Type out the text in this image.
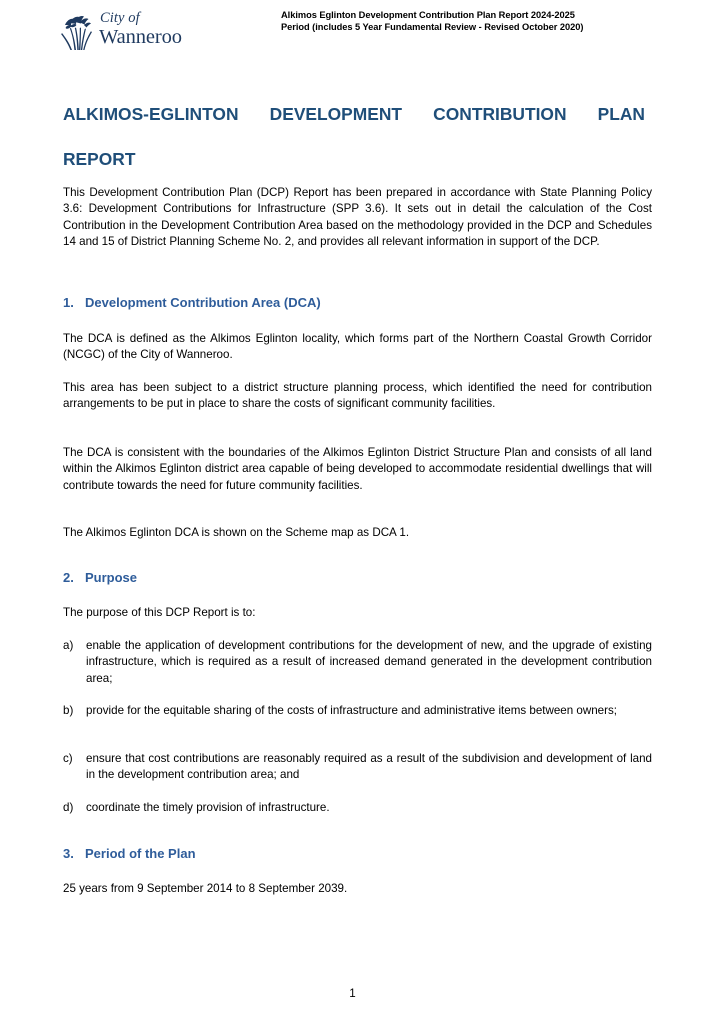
City of
Wanneroo
Alkimos Eglinton Development Contribution Plan Report 2024-2025
Period (includes 5 Year Fundamental Review - Revised October 2020)
ALKIMOS-EGLINTON DEVELOPMENT CONTRIBUTION PLAN
REPORT

This Development Contribution Plan (DCP) Report has been prepared in accordance with State Planning Policy 3.6: Development Contributions for Infrastructure (SPP 3.6). It sets out in detail the calculation of the Cost Contribution in the Development Contribution Area based on the methodology provided in the DCP and Schedules 14 and 15 of District Planning Scheme No. 2, and provides all relevant information in support of the DCP.

1. Development Contribution Area (DCA)

The DCA is defined as the Alkimos Eglinton locality, which forms part of the Northern Coastal Growth Corridor (NCGC) of the City of Wanneroo.

This area has been subject to a district structure planning process, which identified the need for contribution arrangements to be put in place to share the costs of significant community facilities.

The DCA is consistent with the boundaries of the Alkimos Eglinton District Structure Plan and consists of all land within the Alkimos Eglinton district area capable of being developed to accommodate residential dwellings that will contribute towards the need for future community facilities.

The Alkimos Eglinton DCA is shown on the Scheme map as DCA 1.

2. Purpose

The purpose of this DCP Report is to:

a)	enable the application of development contributions for the development of new, and the upgrade of existing infrastructure, which is required as a result of increased demand generated in the development contribution area;
b)	provide for the equitable sharing of the costs of infrastructure and administrative items between owners;
c)	ensure that cost contributions are reasonably required as a result of the subdivision and development of land in the development contribution area; and
d)	coordinate the timely provision of infrastructure.
3. Period of the Plan

25 years from 9 September 2014 to 8 September 2039.

1
